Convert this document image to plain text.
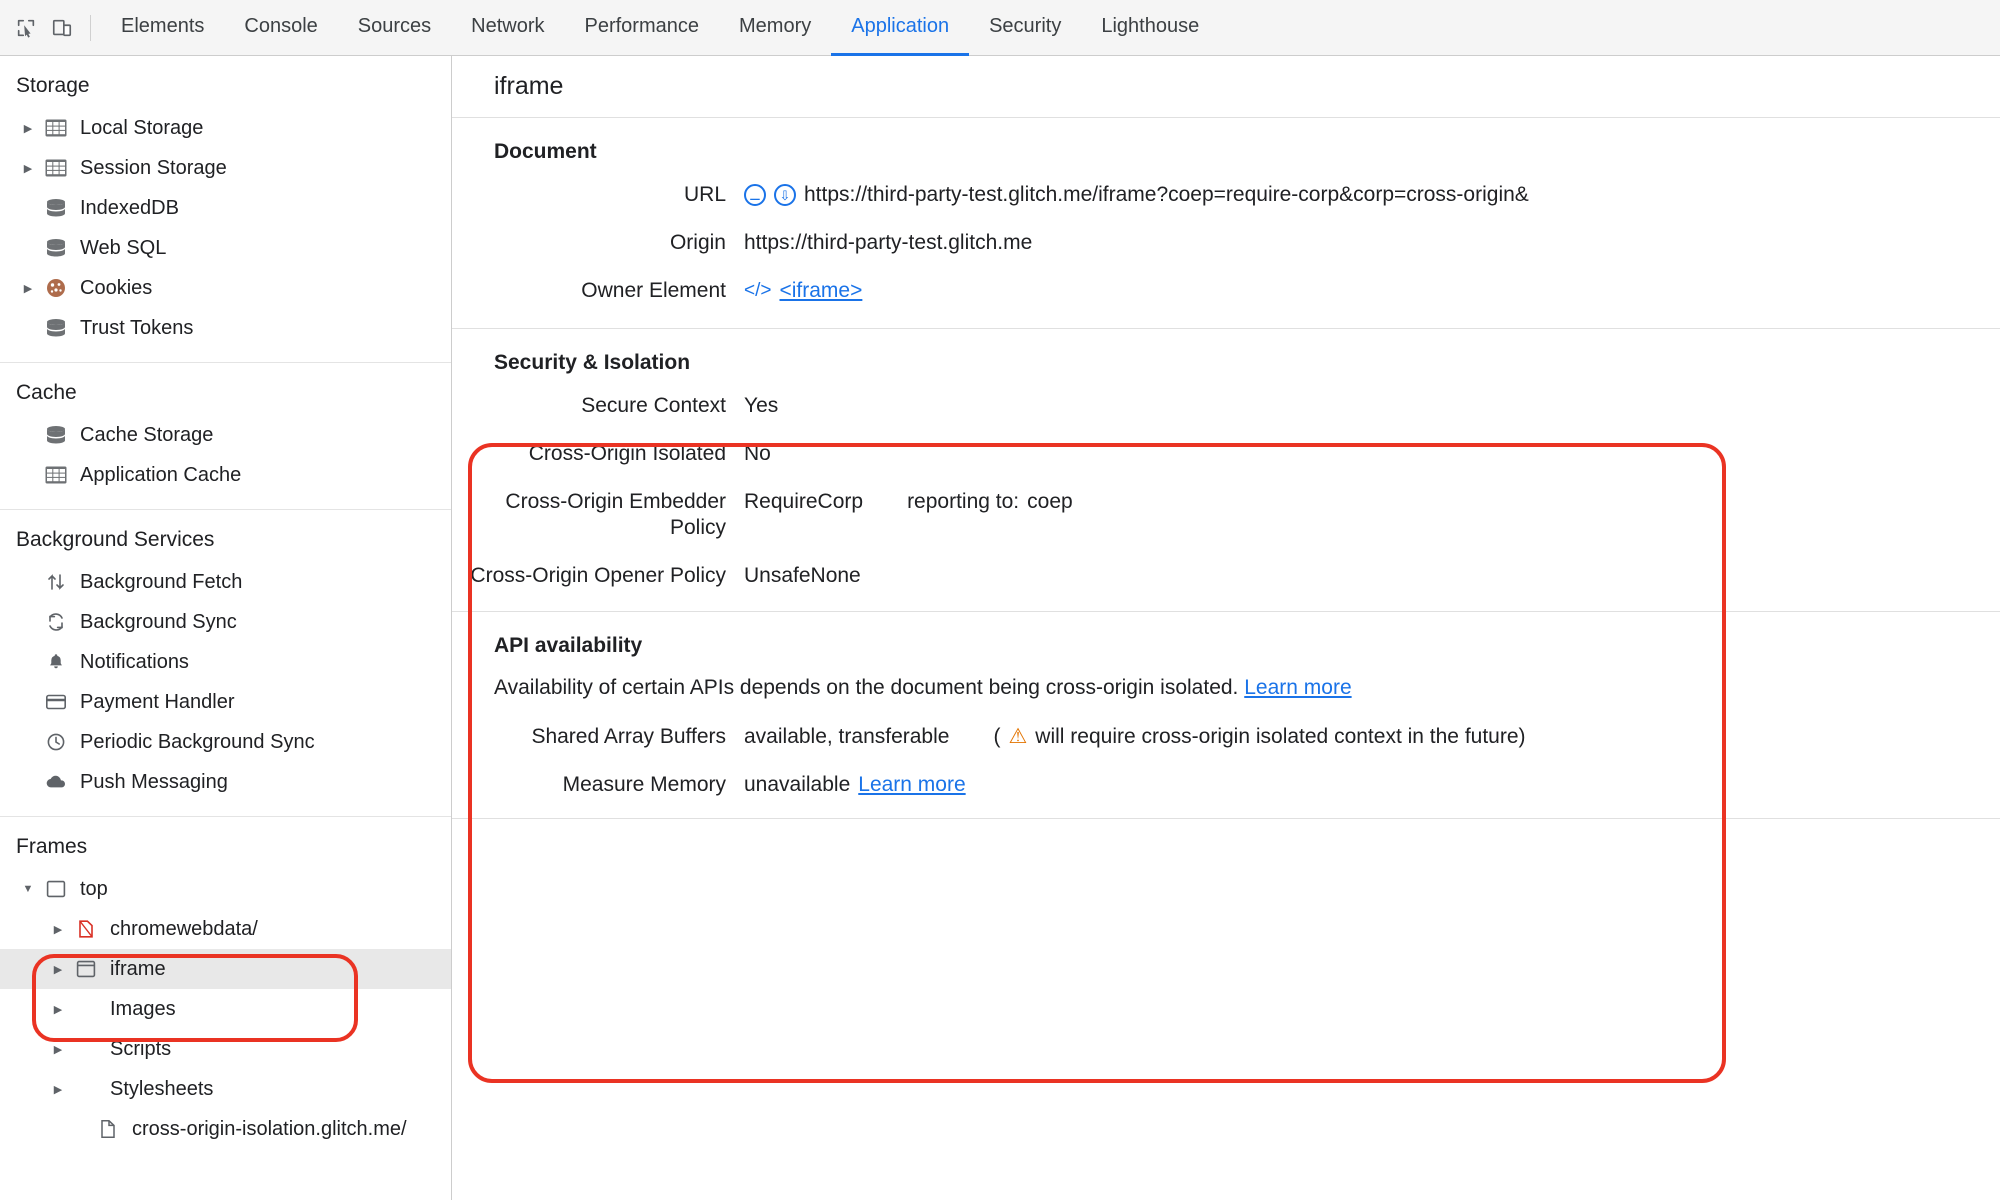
Elements Console Sources Network Performance Memory Application Security Lighthouse
Storage
▶ Local Storage
▶ Session Storage
IndexedDB
Web SQL
▶ Cookies
Trust Tokens
Cache
Cache Storage
Application Cache
Background Services
Background Fetch
Background Sync
Notifications
Payment Handler
Periodic Background Sync
Push Messaging
Frames
▼ top
▶ chromewebdata/
▶ iframe
▶ Images
▶ Scripts
▶ Stylesheets
cross-origin-isolation.glitch.me/
iframe
Document
URL	⚊	⇩ https://third-party-test.glitch.me/iframe?coep=require-corp&corp=cross-origin&
Origin https://third-party-test.glitch.me
Owner Element </> <iframe>
Security & Isolation
Secure Context Yes
Cross-Origin Isolated No
Cross-Origin Embedder Policy
RequireCorp reporting to: coep
Cross-Origin Opener Policy UnsafeNone
API availability
Availability of certain APIs depends on the document being cross-origin isolated. Learn more
Shared Array Buffers available, transferable ( ⚠ will require cross-origin isolated context in the future)
Measure Memory unavailable Learn more
